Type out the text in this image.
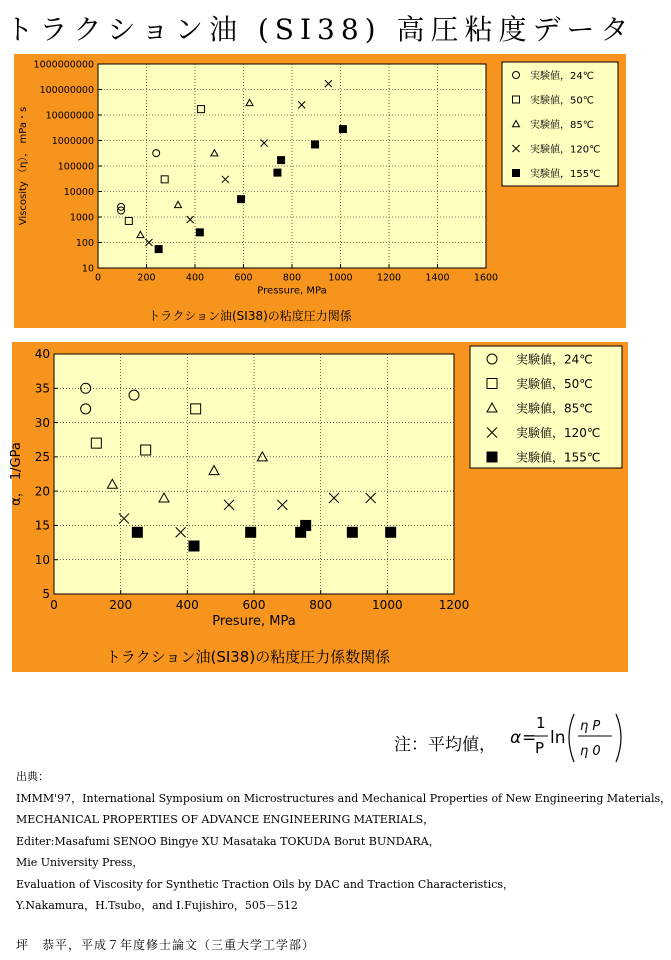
トラクション油 (SI38) 高圧粘度データ
0	200	400	600	800	1000	1200	1400	1600
10
100
1000
10000
100000
1000000
10000000
100000000
1000000000
Pressure, MPa
Viscosity （η）， mPa・s
実験値，24℃
実験値，50℃
実験値，85℃
実験値，120℃
実験値，155℃
トラクション油(SI38)の粘度圧力関係
0	200	400	600	800	1000	1200
5
10
15
20
25
30
35
40
Presure, MPa
α， 1/GPa
実験値，24℃
実験値，50℃
実験値，85℃
実験値，120℃
実験値，155℃
トラクション油(SI38)の粘度圧力係数関係
注：平均値， α =
1
P ln
η P
η 0
出典：
IMMM'97，International Symposium on Microstructures and Mechanical Properties of New Engineering Materials，
MECHANICAL PROPERTIES OF ADVANCE ENGINEERING MATERIALS，
Editer:Masafumi SENOO Bingye XU Masataka TOKUDA Borut BUNDARA，
Mie University Press，
Evaluation of Viscosity for Synthetic Traction Oils by DAC and Traction Characteristics，
Y.Nakamura，H.Tsubo，and I.Fujishiro，505－512
坪　恭平，平成７年度修士論文（三重大学工学部）
